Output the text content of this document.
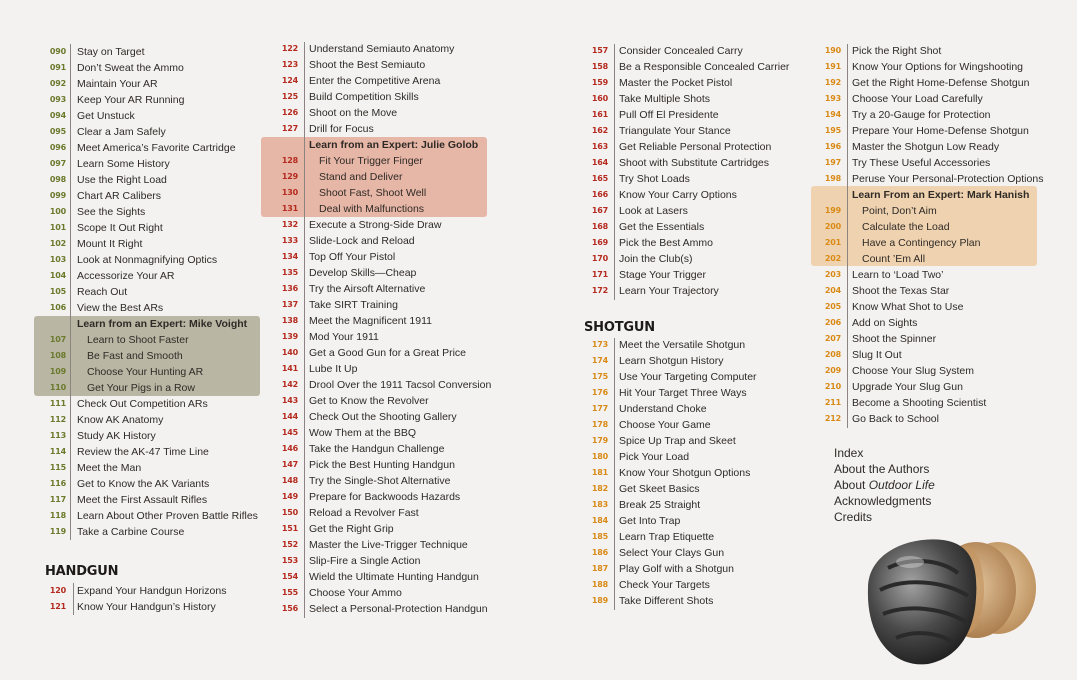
HANDGUN
SHOTGUN
090 Stay on Target
091 Don’t Sweat the Ammo
092 Maintain Your AR
093 Keep Your AR Running
094 Get Unstuck
095 Clear a Jam Safely
096 Meet America’s Favorite Cartridge
097 Learn Some History
098 Use the Right Load
099 Chart AR Calibers
100 See the Sights
101 Scope It Out Right
102 Mount It Right
103 Look at Nonmagnifying Optics
104 Accessorize Your AR
105 Reach Out
106 View the Best ARs
Learn from an Expert: Mike Voight
107 Learn to Shoot Faster
108 Be Fast and Smooth
109 Choose Your Hunting AR
110 Get Your Pigs in a Row
111 Check Out Competition ARs
112 Know AK Anatomy
113 Study AK History
114 Review the AK-47 Time Line
115 Meet the Man
116 Get to Know the AK Variants
117 Meet the First Assault Rifles
118 Learn About Other Proven Battle Rifles
119 Take a Carbine Course
120 Expand Your Handgun Horizons
121 Know Your Handgun’s History
122 Understand Semiauto Anatomy
123 Shoot the Best Semiauto
124 Enter the Competitive Arena
125 Build Competition Skills
126 Shoot on the Move
127 Drill for Focus
Learn from an Expert: Julie Golob
128 Fit Your Trigger Finger
129 Stand and Deliver
130 Shoot Fast, Shoot Well
131 Deal with Malfunctions
132 Execute a Strong-Side Draw
133 Slide-Lock and Reload
134 Top Off Your Pistol
135 Develop Skills—Cheap
136 Try the Airsoft Alternative
137 Take SIRT Training
138 Meet the Magnificent 1911
139 Mod Your 1911
140 Get a Good Gun for a Great Price
141 Lube It Up
142 Drool Over the 1911 Tacsol Conversion
143 Get to Know the Revolver
144 Check Out the Shooting Gallery
145 Wow Them at the BBQ
146 Take the Handgun Challenge
147 Pick the Best Hunting Handgun
148 Try the Single-Shot Alternative
149 Prepare for Backwoods Hazards
150 Reload a Revolver Fast
151 Get the Right Grip
152 Master the Live-Trigger Technique
153 Slip-Fire a Single Action
154 Wield the Ultimate Hunting Handgun
155 Choose Your Ammo
156 Select a Personal-Protection Handgun
157 Consider Concealed Carry
158 Be a Responsible Concealed Carrier
159 Master the Pocket Pistol
160 Take Multiple Shots
161 Pull Off El Presidente
162 Triangulate Your Stance
163 Get Reliable Personal Protection
164 Shoot with Substitute Cartridges
165 Try Shot Loads
166 Know Your Carry Options
167 Look at Lasers
168 Get the Essentials
169 Pick the Best Ammo
170 Join the Club(s)
171 Stage Your Trigger
172 Learn Your Trajectory
173 Meet the Versatile Shotgun
174 Learn Shotgun History
175 Use Your Targeting Computer
176 Hit Your Target Three Ways
177 Understand Choke
178 Choose Your Game
179 Spice Up Trap and Skeet
180 Pick Your Load
181 Know Your Shotgun Options
182 Get Skeet Basics
183 Break 25 Straight
184 Get Into Trap
185 Learn Trap Etiquette
186 Select Your Clays Gun
187 Play Golf with a Shotgun
188 Check Your Targets
189 Take Different Shots
190 Pick the Right Shot
191 Know Your Options for Wingshooting
192 Get the Right Home-Defense Shotgun
193 Choose Your Load Carefully
194 Try a 20-Gauge for Protection
195 Prepare Your Home-Defense Shotgun
196 Master the Shotgun Low Ready
197 Try These Useful Accessories
198 Peruse Your Personal-Protection Options
Learn From an Expert: Mark Hanish
199 Point, Don’t Aim
200 Calculate the Load
201 Have a Contingency Plan
202 Count ’Em All
203 Learn to ‘Load Two’
204 Shoot the Texas Star
205 Know What Shot to Use
206 Add on Sights
207 Shoot the Spinner
208 Slug It Out
209 Choose Your Slug System
210 Upgrade Your Slug Gun
211 Become a Shooting Scientist
212 Go Back to School
Index
About the Authors
About Outdoor Life
Acknowledgments
Credits
